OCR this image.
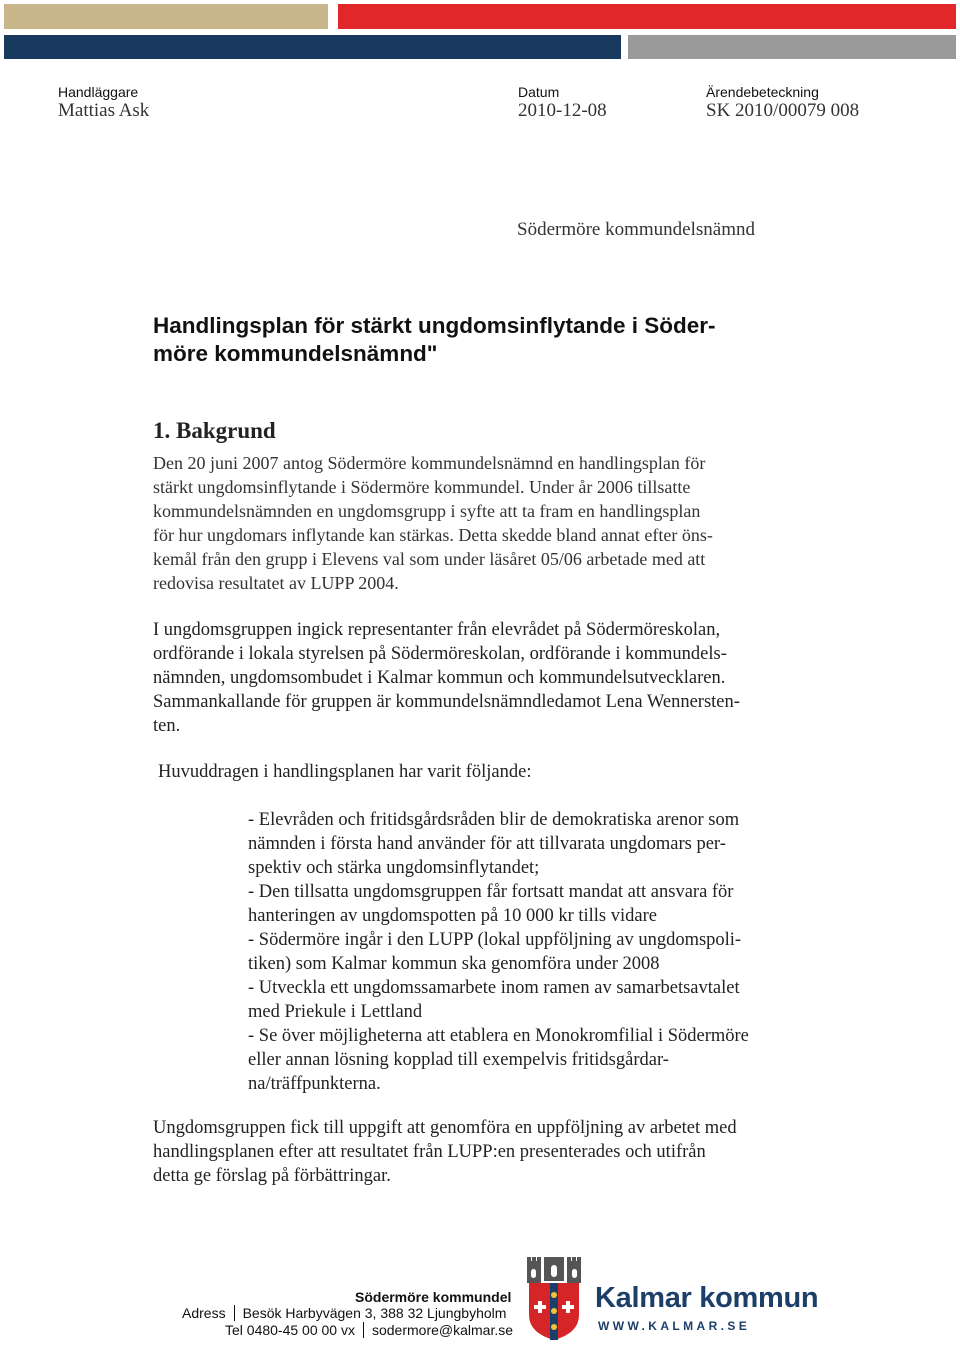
Handläggare
Mattias Ask
Datum
2010-12-08
Ärendebeteckning
SK 2010/00079 008
Södermöre kommundelsnämnd
Handlingsplan för stärkt ungdomsinflytande i Söder-
möre kommundelsnämnd"
1. Bakgrund
Den 20 juni 2007 antog Södermöre kommundelsnämnd en handlingsplan för
stärkt ungdomsinflytande i Södermöre kommundel. Under år 2006 tillsatte
kommundelsnämnden en ungdomsgrupp i syfte att ta fram en handlingsplan
för hur ungdomars inflytande kan stärkas. Detta skedde bland annat efter öns-
kemål från den grupp i Elevens val som under läsåret 05/06 arbetade med att
redovisa resultatet av LUPP 2004.
I ungdomsgruppen ingick representanter från elevrådet på Södermöreskolan,
ordförande i lokala styrelsen på Södermöreskolan, ordförande i kommundels-
nämnden, ungdomsombudet i Kalmar kommun och kommundelsutvecklaren.
Sammankallande för gruppen är kommundelsnämndledamot Lena Wennersten-
ten.
Huvuddragen i handlingsplanen har varit följande:
- Elevråden och fritidsgårdsråden blir de demokratiska arenor som
nämnden i första hand använder för att tillvarata ungdomars per-
spektiv och stärka ungdomsinflytandet;
- Den tillsatta ungdomsgruppen får fortsatt mandat att ansvara för
hanteringen av ungdomspotten på 10 000 kr tills vidare
- Södermöre ingår i den LUPP (lokal uppföljning av ungdomspoli-
tiken) som Kalmar kommun ska genomföra under 2008
- Utveckla ett ungdomssamarbete inom ramen av samarbetsavtalet
med Priekule i Lettland
- Se över möjligheterna att etablera en Monokromfilial i Södermöre
eller annan lösning kopplad till exempelvis fritidsgårdar-
na/träffpunkterna.
Ungdomsgruppen fick till uppgift att genomföra en uppföljning av arbetet med
handlingsplanen efter att resultatet från LUPP:en presenterades och utifrån
detta ge förslag på förbättringar.
Södermöre kommundel
Adress Besök Harbyvägen 3, 388 32 Ljungbyholm
Tel 0480-45 00 00 vx sodermore@kalmar.se
Kalmar kommun
WWW.KALMAR.SE
